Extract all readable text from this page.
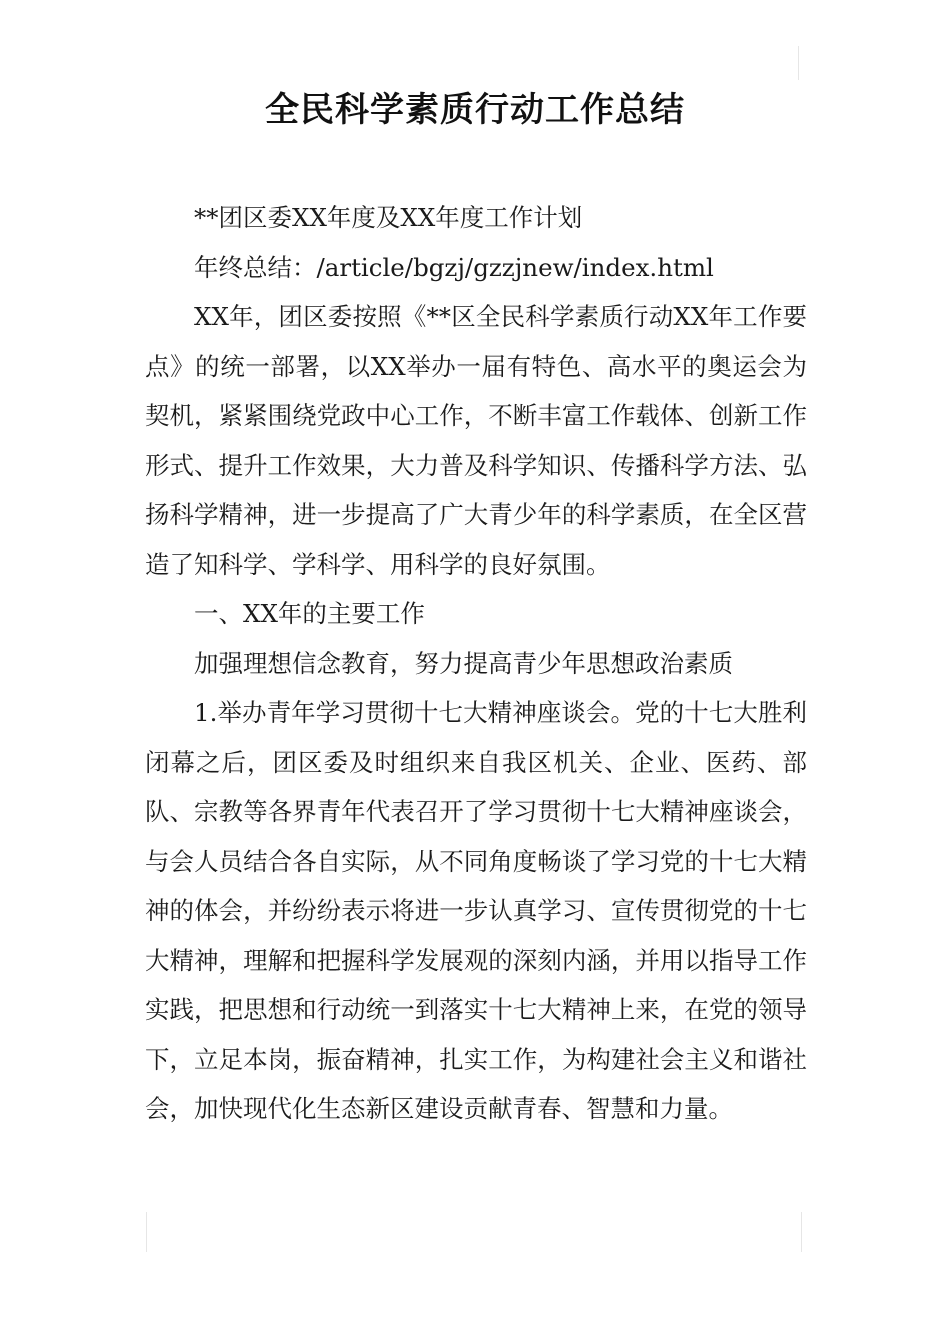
全民科学素质行动工作总结

**团区委XX年度及XX年度工作计划

年终总结：/article/bgzj/gzzjnew/index.html

XX年，团区委按照《**区全民科学素质行动XX年工作要点》的统一部署，以XX举办一届有特色、高水平的奥运会为契机，紧紧围绕党政中心工作，不断丰富工作载体、创新工作形式、提升工作效果，大力普及科学知识、传播科学方法、弘扬科学精神，进一步提高了广大青少年的科学素质，在全区营造了知科学、学科学、用科学的良好氛围。

一、XX年的主要工作

加强理想信念教育，努力提高青少年思想政治素质

1.举办青年学习贯彻十七大精神座谈会。党的十七大胜利闭幕之后，团区委及时组织来自我区机关、企业、医药、部队、宗教等各界青年代表召开了学习贯彻十七大精神座谈会，与会人员结合各自实际，从不同角度畅谈了学习党的十七大精神的体会，并纷纷表示将进一步认真学习、宣传贯彻党的十七大精神，理解和把握科学发展观的深刻内涵，并用以指导工作实践，把思想和行动统一到落实十七大精神上来，在党的领导下，立足本岗，振奋精神，扎实工作，为构建社会主义和谐社会，加快现代化生态新区建设贡献青春、智慧和力量。
